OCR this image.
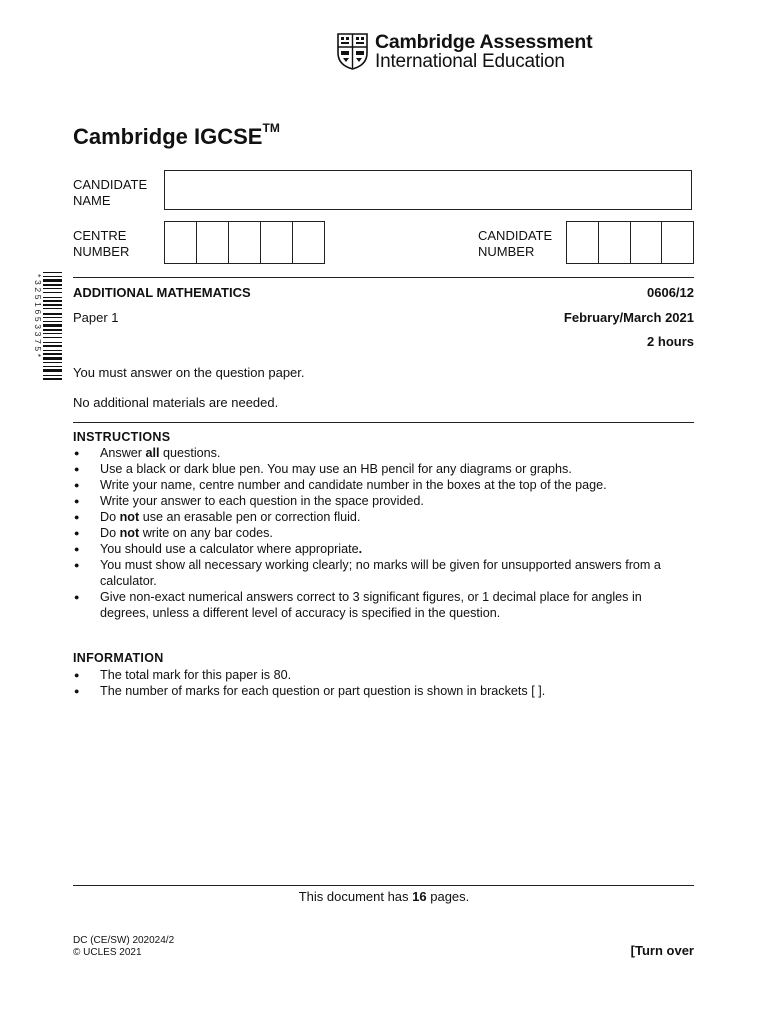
Cambridge Assessment
International Education
Cambridge IGCSE™
CANDIDATE
NAME
CENTRE
NUMBER
CANDIDATE
NUMBER
*3251653375* ADDITIONAL MATHEMATICS	0606/12
Paper 1	February/March 2021
2 hours
You must answer on the question paper.
No additional materials are needed.
INSTRUCTIONS
● Answer all questions.
● Use a black or dark blue pen. You may use an HB pencil for any diagrams or graphs.
● Write your name, centre number and candidate number in the boxes at the top of the page.
● Write your answer to each question in the space provided.
● Do not use an erasable pen or correction fluid.
● Do not write on any bar codes.
● You should use a calculator where appropriate.
● You must show all necessary working clearly; no marks will be given for unsupported answers from a calculator.
● Give non-exact numerical answers correct to 3 significant figures, or 1 decimal place for angles in degrees, unless a different level of accuracy is specified in the question.
INFORMATION
● The total mark for this paper is 80.
● The number of marks for each question or part question is shown in brackets [ ].
This document has 16 pages.
DC (CE/SW) 202024/2
© UCLES 2021	[Turn over
